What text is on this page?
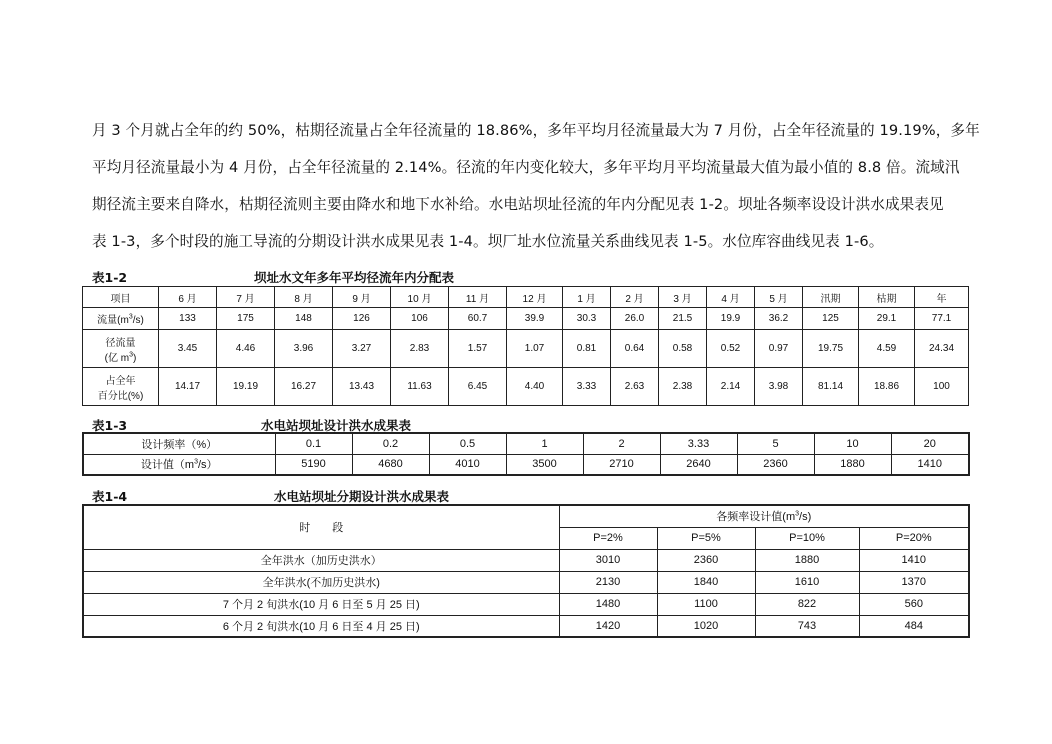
月 3 个月就占全年的约 50%，枯期径流量占全年径流量的 18.86%，多年平均月径流量最大为 7 月份，占全年径流量的 19.19%，多年

平均月径流量最小为 4 月份，占全年径流量的 2.14%。径流的年内变化较大，多年平均月平均流量最大值为最小值的 8.8 倍。流域汛

期径流主要来自降水，枯期径流则主要由降水和地下水补给。水电站坝址径流的年内分配见表 1-2。坝址各频率设设计洪水成果表见

表 1-3，多个时段的施工导流的分期设计洪水成果见表 1-4。坝厂址水位流量关系曲线见表 1-5。水位库容曲线见表 1-6。

表1-2	坝址水文年多年平均径流年内分配表
项目	6 月	7 月	8 月	9 月	10 月	11 月	12 月	1 月	2 月	3 月	4 月	5 月	汛期	枯期	年
流量$(m^3/s)$	133	175	148	126	106	60.7	39.9	30.3	26.0	21.5	19.9	36.2	125	29.1	77.1

径流量
(亿 $m^3$)	3.45	4.46	3.96	3.27	2.83	1.57	1.07	0.81	0.64	0.58	0.52	0.97	19.75	4.59	24.34

占全年
百分比(%)	14.17	19.19	16.27	13.43	11.63	6.45	4.40	3.33	2.63	2.38	2.14	3.98	81.14	18.86	100
表1-3	水电站坝址设计洪水成果表
设计频率（%）	0.1	0.2	0.5	1	2	3.33	5	10	20
设计值$(m^3/s)$	5190	4680	4010	3500	2710	2640	2360	1880	1410
表1-4	水电站坝址分期设计洪水成果表
时　　段	各频率设计值$(m^3/s)$			
	P=2%	P=5%	P=10%	P=20%
全年洪水（加历史洪水）	3010	2360	1880	1410
全年洪水(不加历史洪水)	2130	1840	1610	1370
7 个月 2 旬洪水(10 月 6 日至 5 月 25 日)	1480	1100	822	560
6 个月 2 旬洪水(10 月 6 日至 4 月 25 日)	1420	1020	743	484
